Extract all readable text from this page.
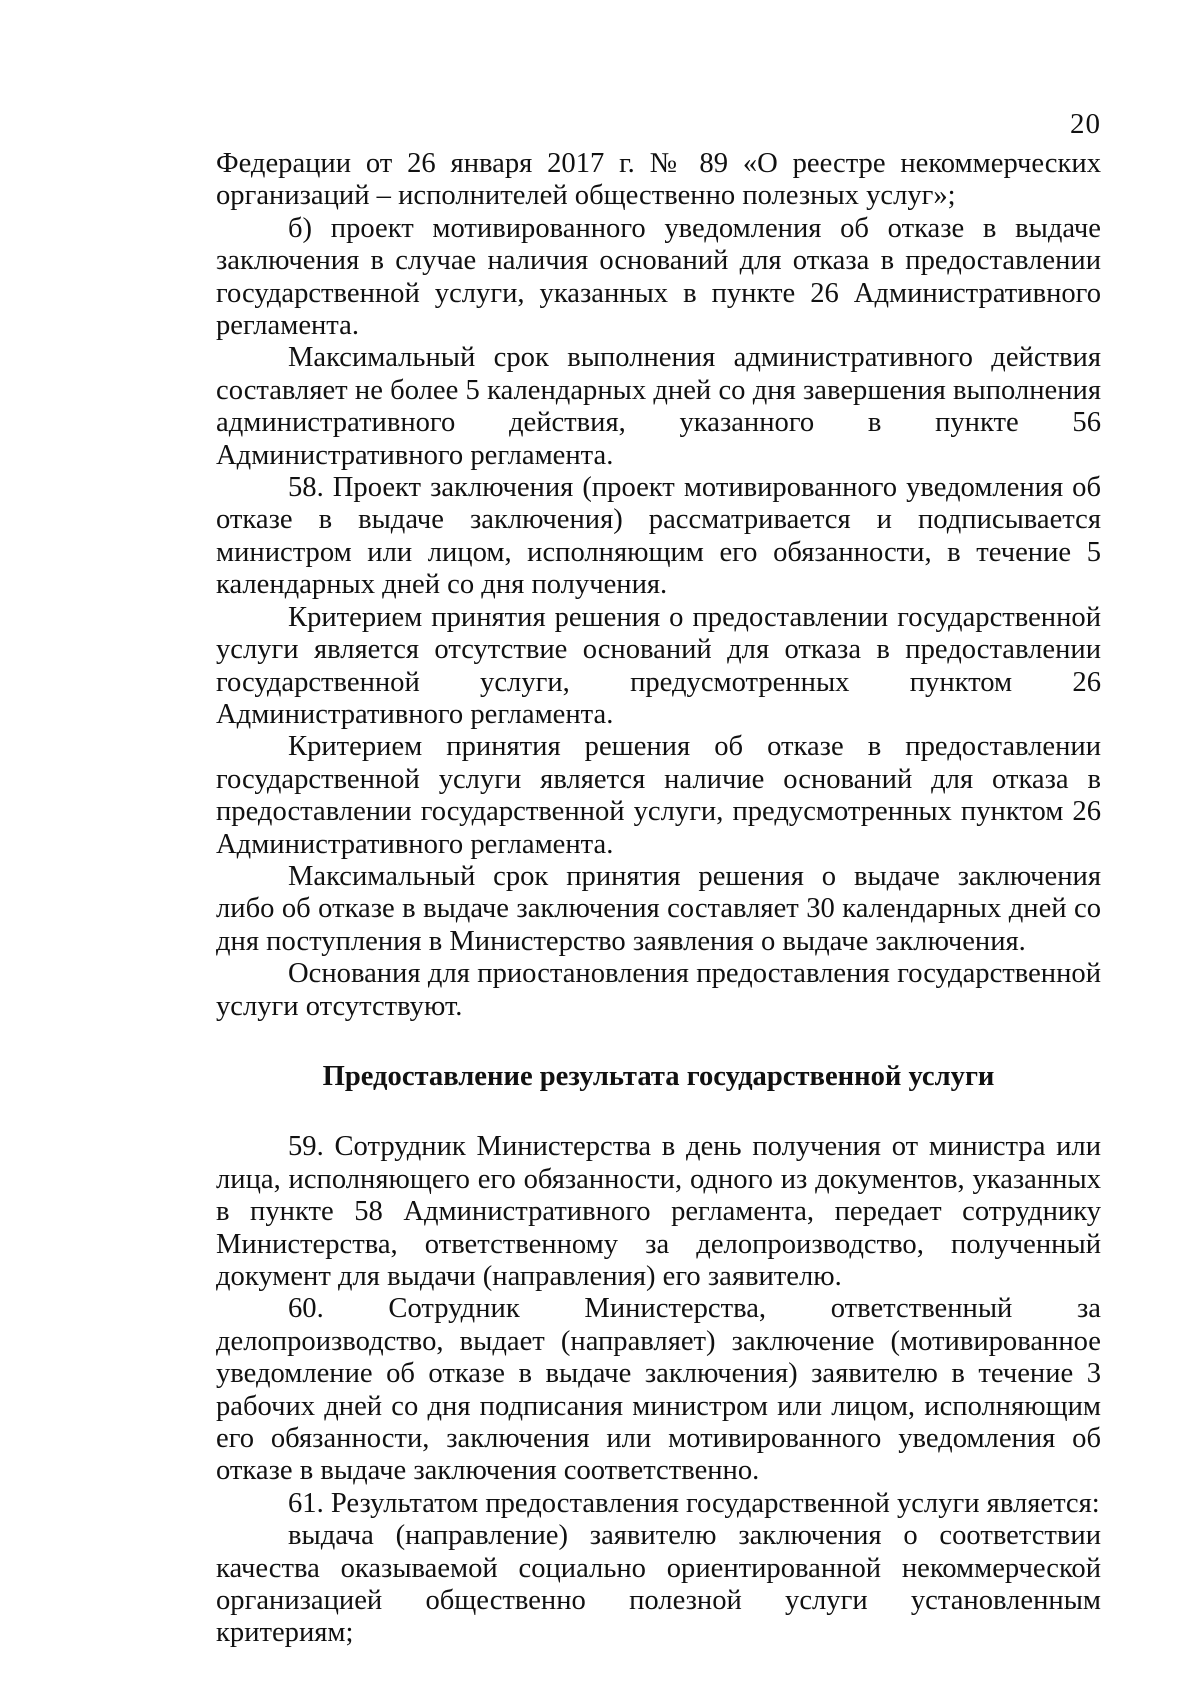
20

Федерации от 26 января 2017 г. № 89 «О реестре некоммерческих организаций – исполнителей общественно полезных услуг»;

б) проект мотивированного уведомления об отказе в выдаче заключения в случае наличия оснований для отказа в предоставлении государственной услуги, указанных в пункте 26 Административного регламента.

Максимальный срок выполнения административного действия составляет не более 5 календарных дней со дня завершения выполнения административного действия, указанного в пункте 56 Административного регламента.

58. Проект заключения (проект мотивированного уведомления об отказе в выдаче заключения) рассматривается и подписывается министром или лицом, исполняющим его обязанности, в течение 5 календарных дней со дня получения.

Критерием принятия решения о предоставлении государственной услуги является отсутствие оснований для отказа в предоставлении государственной услуги, предусмотренных пунктом 26 Административного регламента.

Критерием принятия решения об отказе в предоставлении государственной услуги является наличие оснований для отказа в предоставлении государственной услуги, предусмотренных пунктом 26 Административного регламента.

Максимальный срок принятия решения о выдаче заключения либо об отказе в выдаче заключения составляет 30 календарных дней со дня поступления в Министерство заявления о выдаче заключения.

Основания для приостановления предоставления государственной услуги отсутствуют.

Предоставление результата государственной услуги

59. Сотрудник Министерства в день получения от министра или лица, исполняющего его обязанности, одного из документов, указанных в пункте 58 Административного регламента, передает сотруднику Министерства, ответственному за делопроизводство, полученный документ для выдачи (направления) его заявителю.

60. Сотрудник Министерства, ответственный за делопроизводство, выдает (направляет) заключение (мотивированное уведомление об отказе в выдаче заключения) заявителю в течение 3 рабочих дней со дня подписания министром или лицом, исполняющим его обязанности, заключения или мотивированного уведомления об отказе в выдаче заключения соответственно.

61. Результатом предоставления государственной услуги является:

выдача (направление) заявителю заключения о соответствии качества оказываемой социально ориентированной некоммерческой организацией общественно полезной услуги установленным критериям;
